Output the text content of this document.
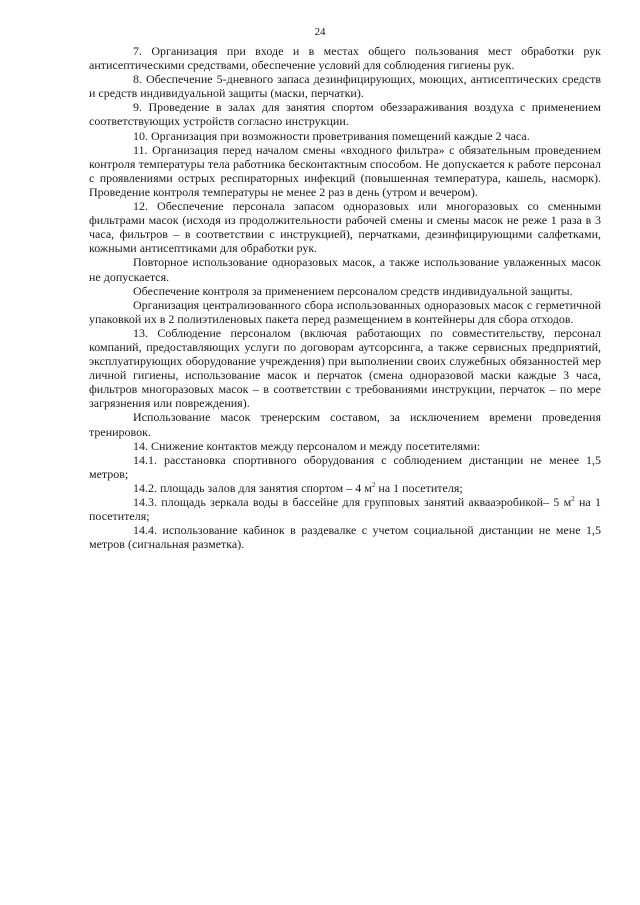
24

7. Организация при входе и в местах общего пользования мест обработки рук антисептическими средствами, обеспечение условий для соблюдения гигиены рук.

8. Обеспечение 5-дневного запаса дезинфицирующих, моющих, антисептических средств и средств индивидуальной защиты (маски, перчатки).

9. Проведение в залах для занятия спортом обеззараживания воздуха с применением соответствующих устройств согласно инструкции.

10. Организация при возможности проветривания помещений каждые 2 часа.

11. Организация перед началом смены «входного фильтра» с обязательным проведением контроля температуры тела работника бесконтактным способом. Не допускается к работе персонал с проявлениями острых респираторных инфекций (повышенная температура, кашель, насморк). Проведение контроля температуры не менее 2 раз в день (утром и вечером).

12. Обеспечение персонала запасом одноразовых или многоразовых со сменными фильтрами масок (исходя из продолжительности рабочей смены и смены масок не реже 1 раза в 3 часа, фильтров – в соответствии с инструкцией), перчатками, дезинфицирующими салфетками, кожными антисептиками для обработки рук.

Повторное использование одноразовых масок, а также использование увлаженных масок не допускается.

Обеспечение контроля за применением персоналом средств индивидуальной защиты.

Организация централизованного сбора использованных одноразовых масок с герметичной упаковкой их в 2 полиэтиленовых пакета перед размещением в контейнеры для сбора отходов.

13. Соблюдение персоналом (включая работающих по совместительству, персонал компаний, предоставляющих услуги по договорам аутсорсинга, а также сервисных предприятий, эксплуатирующих оборудование учреждения) при выполнении своих служебных обязанностей мер личной гигиены, использование масок и перчаток (смена одноразовой маски каждые 3 часа, фильтров многоразовых масок – в соответствии с требованиями инструкции, перчаток – по мере загрязнения или повреждения).

Использование масок тренерским составом, за исключением времени проведения тренировок.

14. Снижение контактов между персоналом и между посетителями:

14.1. расстановка спортивного оборудования с соблюдением дистанции не менее 1,5 метров;

14.2. площадь залов для занятия спортом – 4 $м^2$ на 1 посетителя;

14.3. площадь зеркала воды в бассейне для групповых занятий аквааэробикой– 5 $м^2$ на 1 посетителя;

14.4. использование кабинок в раздевалке с учетом социальной дистанции не мене 1,5 метров (сигнальная разметка).
